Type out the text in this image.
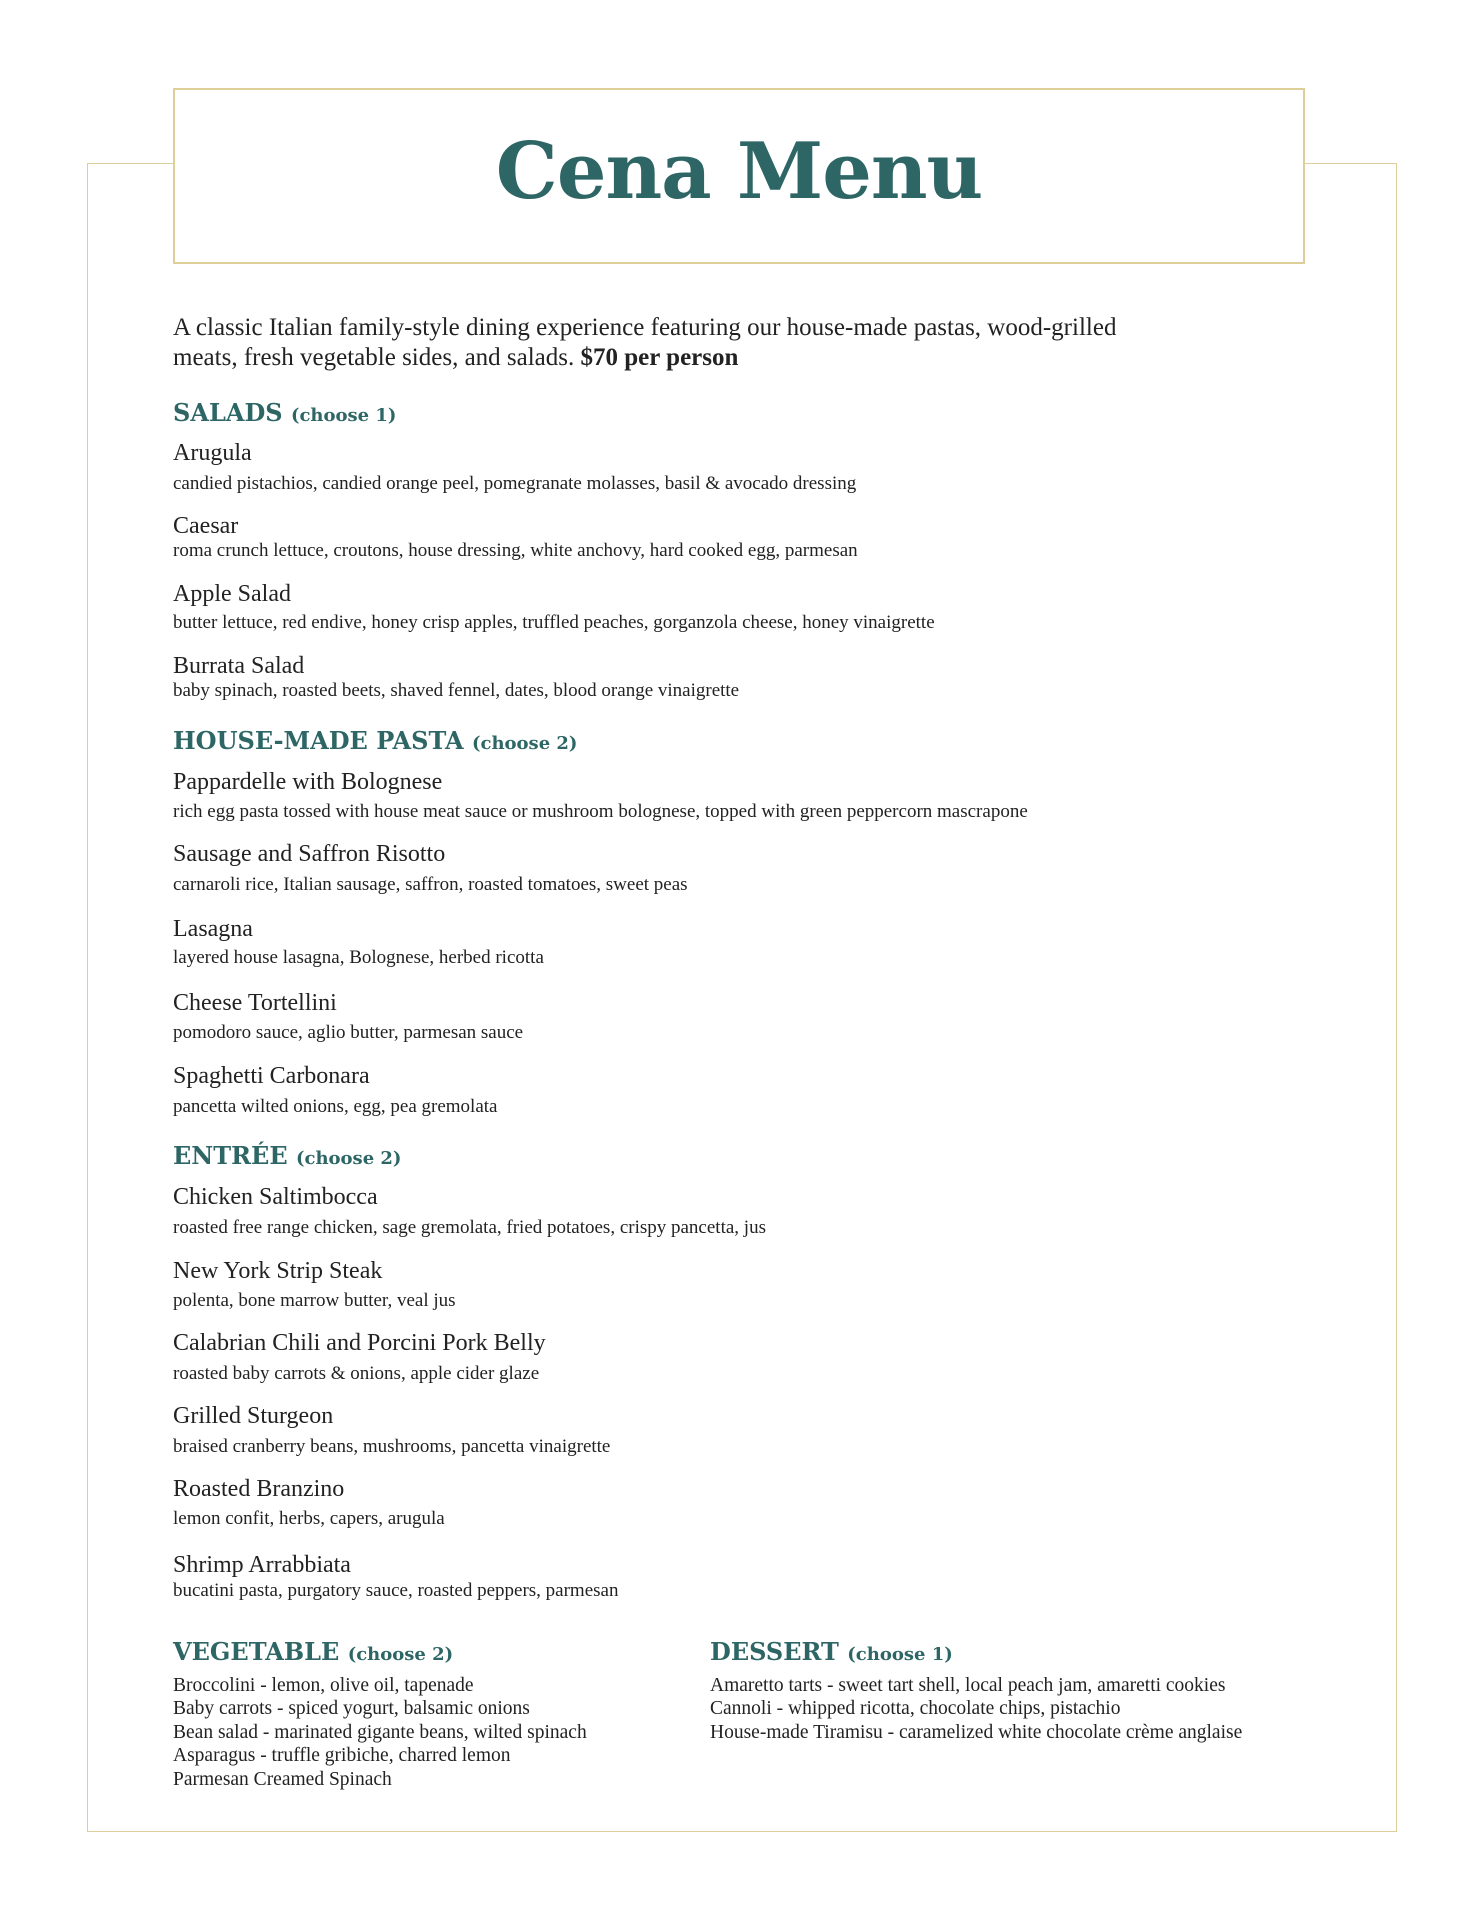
Cena Menu
A classic Italian family-style dining experience featuring our house-made pastas, wood-grilled
meats, fresh vegetable sides, and salads. $70 per person
SALADS (choose 1)
HOUSE-MADE PASTA (choose 2)
ENTRÉE (choose 2)
VEGETABLE (choose 2)
Broccolini - lemon, olive oil, tapenade
Baby carrots - spiced yogurt, balsamic onions
Bean salad - marinated gigante beans, wilted spinach
Asparagus - truffle gribiche, charred lemon
Parmesan Creamed Spinach
DESSERT (choose 1)
Amaretto tarts - sweet tart shell, local peach jam, amaretti cookies
Cannoli - whipped ricotta, chocolate chips, pistachio
House-made Tiramisu - caramelized white chocolate crème anglaise
Arugula
candied pistachios, candied orange peel, pomegranate molasses, basil & avocado dressing
Caesar
roma crunch lettuce, croutons, house dressing, white anchovy, hard cooked egg, parmesan
Apple Salad
butter lettuce, red endive, honey crisp apples, truffled peaches, gorganzola cheese, honey vinaigrette
Burrata Salad
baby spinach, roasted beets, shaved fennel, dates, blood orange vinaigrette
Pappardelle with Bolognese
rich egg pasta tossed with house meat sauce or mushroom bolognese, topped with green peppercorn mascrapone
Sausage and Saffron Risotto
carnaroli rice, Italian sausage, saffron, roasted tomatoes, sweet peas
Lasagna
layered house lasagna, Bolognese, herbed ricotta
Cheese Tortellini
pomodoro sauce, aglio butter, parmesan sauce
Spaghetti Carbonara
pancetta wilted onions, egg, pea gremolata
Chicken Saltimbocca
roasted free range chicken, sage gremolata, fried potatoes, crispy pancetta, jus
New York Strip Steak
polenta, bone marrow butter, veal jus
Calabrian Chili and Porcini Pork Belly
roasted baby carrots & onions, apple cider glaze
Grilled Sturgeon
braised cranberry beans, mushrooms, pancetta vinaigrette
Roasted Branzino
lemon confit, herbs, capers, arugula
Shrimp Arrabbiata
bucatini pasta, purgatory sauce, roasted peppers, parmesan
